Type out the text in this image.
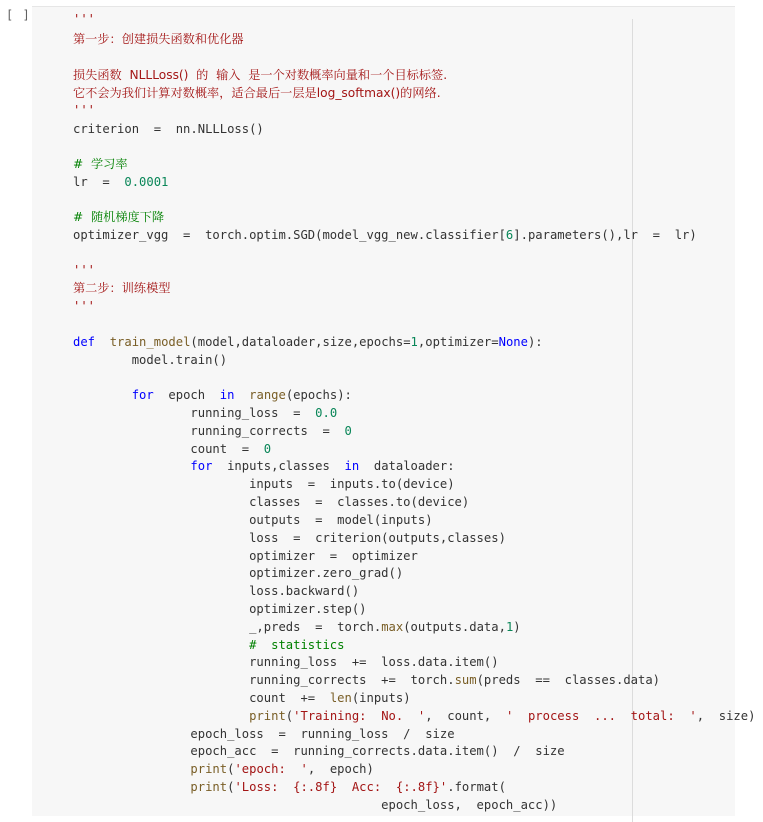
[ ]	'''
第一步：创建损失函数和优化器
损失函数  NLLLoss()  的  输入  是一个对数概率向量和一个目标标签.
它不会为我们计算对数概率，适合最后一层是log_softmax()的网络.
'''
criterion  =  nn.NLLLoss()
#  学习率
lr  =  0.0001
#  随机梯度下降
optimizer_vgg  =  torch.optim.SGD(model_vgg_new.classifier[6].parameters(),lr  =  lr)
'''
第二步：训练模型
'''
def train_model(model,dataloader,size,epochs=1,optimizer=None):
model.train()
for  epoch  in range(epochs):
running_loss  =  0.0
running_corrects  =  0
count  =  0
for  inputs,classes  in  dataloader:
inputs  =  inputs.to(device)
classes  =  classes.to(device)
outputs  =  model(inputs)
loss  =  criterion(outputs,classes)
optimizer  =  optimizer
optimizer.zero_grad()
loss.backward()
optimizer.step()
_,preds  =  torch.max(outputs.data,1)
#  statistics
running_loss  +=  loss.data.item()
running_corrects  +=  torch.sum(preds  ==  classes.data)
count  +=  len(inputs)
print('Training:  No.  ',  count,  '  process  ...  total:  ',  size)
epoch_loss  =  running_loss  /  size
epoch_acc  =  running_corrects.data.item()  /  size
print('epoch:  ',  epoch)
print('Loss:  {:.8f}  Acc:  {:.8f}'.format(
epoch_loss,  epoch_acc))
